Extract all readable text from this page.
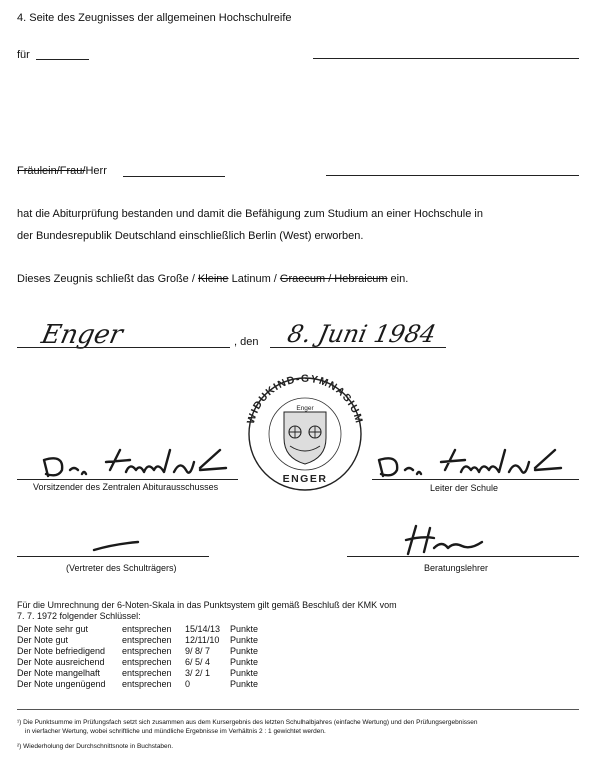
4. Seite des Zeugnisses der allgemeinen Hochschulreife
für
Fräulein/Frau/Herr
hat die Abiturprüfung bestanden und damit die Befähigung zum Studium an einer Hochschule in
der Bundesrepublik Deutschland einschließlich Berlin (West) erworben.
Dieses Zeugnis schließt das Große / Kleine Latinum / Graecum / Hebraicum ein.
Enger	, den 8. Juni 1984
WIDUKIND-GYMNASIUM
ENGER
Enger
Vorsitzender des Zentralen Abiturausschusses	Leiter der Schule
(Vertreter des Schulträgers)	Beratungslehrer
Für die Umrechnung der 6-Noten-Skala in das Punktsystem gilt gemäß Beschluß der KMK vom
7. 7. 1972 folgender Schlüssel:
Der Note sehr gut	entsprechen 15/14/13 Punkte
Der Note gut	entsprechen 12/11/10 Punkte
Der Note befriedigend entsprechen 9/ 8/ 7 Punkte
Der Note ausreichend entsprechen 6/ 5/ 4 Punkte
Der Note mangelhaft entsprechen 3/ 2/ 1 Punkte
Der Note ungenügend entsprechen 0	Punkte
¹) Die Punktsumme im Prüfungsfach setzt sich zusammen aus dem Kursergebnis des letzten Schulhalbjahres (einfache Wertung) und den Prüfungsergebnissen
in vierfacher Wertung, wobei schriftliche und mündliche Ergebnisse im Verhältnis 2 : 1 gewichtet werden.
²) Wiederholung der Durchschnittsnote in Buchstaben.
